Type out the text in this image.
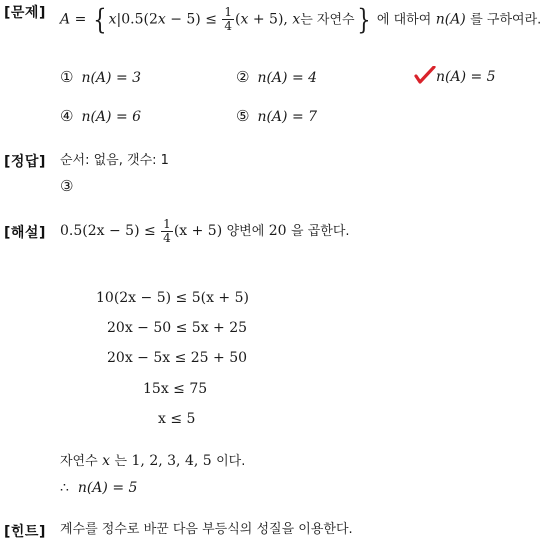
[문제] A = { $x|0.5(2x - 5) \le \frac{1}{4} (x + 5)$, x는 자연수} 에 대하여 n(A) 를 구하여라.
① n(A) = 3	② n(A) = 4	n(A) = 5
④ n(A) = 6	⑤ n(A) = 7
[정답] 순서: 없음, 갯수: 1
③
[해설] $0.5(2x - 5) \le \frac{1}{4} (x + 5)$ 양변에 20 을 곱한다.
10(2x − 5) ≤ 5(x + 5)
20x − 50 ≤ 5x + 25
20x − 5x ≤ 25 + 50
15x ≤ 75
x ≤ 5
자연수 x 는 1, 2, 3, 4, 5 이다.
∴ n(A) = 5
[힌트] 계수를 정수로 바꾼 다음 부등식의 성질을 이용한다.
